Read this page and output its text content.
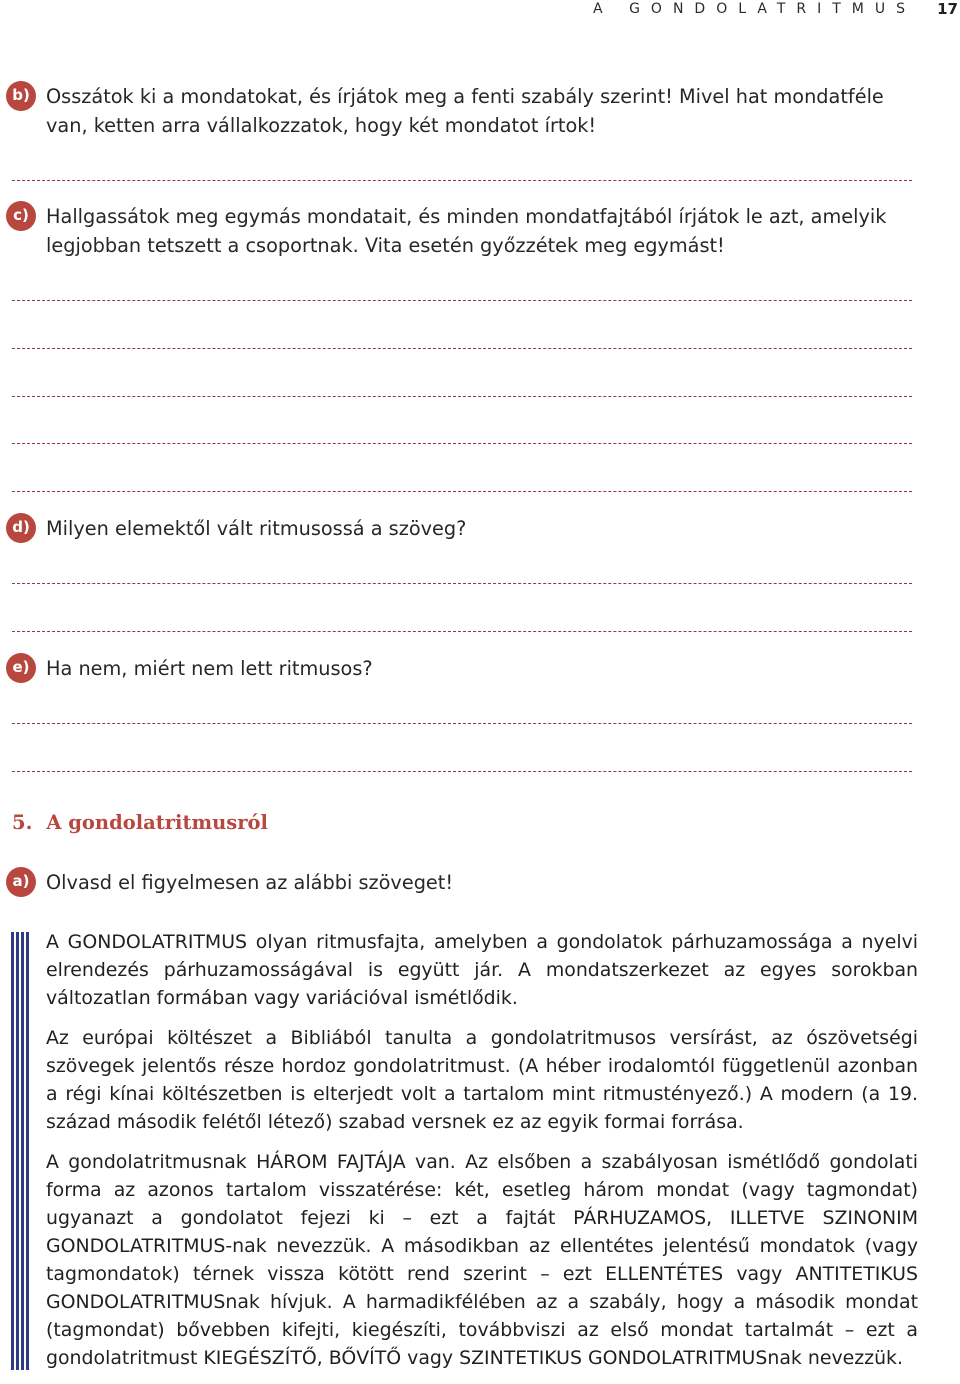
A GONDOLATRITMUS 17
b) Osszátok ki a mondatokat, és írjátok meg a fenti szabály szerint! Mivel hat mondatféle van, ketten arra vállalkozzatok, hogy két mondatot írtok!
c) Hallgassátok meg egymás mondatait, és minden mondatfajtából írjátok le azt, amelyik legjobban tetszett a csoportnak. Vita esetén győzzétek meg egymást!
d) Milyen elemektől vált ritmusossá a szöveg?
e) Ha nem, miért nem lett ritmusos?
5. A gondolatritmusról
a) Olvasd el figyelmesen az alábbi szöveget!

A GONDOLATRITMUS olyan ritmusfajta, amelyben a gondolatok párhuzamossága a nyelvi elrendezés párhuzamosságával is együtt jár. A mondatszerkezet az egyes sorokban változatlan formában vagy variációval ismétlődik.

Az európai költészet a Bibliából tanulta a gondolatritmusos versírást, az ószövetségi szövegek jelentős része hordoz gondolatritmust. (A héber irodalomtól függetlenül azonban a régi kínai költészetben is elterjedt volt a tartalom mint ritmustényező.) A modern (a 19. század második felétől létező) szabad versnek ez az egyik formai forrása.

A gondolatritmusnak HÁROM FAJTÁJA van. Az elsőben a szabályosan ismétlődő gondolati forma az azonos tartalom visszatérése: két, esetleg három mondat (vagy tagmondat) ugyanazt a gondolatot fejezi ki – ezt a fajtát PÁRHUZAMOS, ILLETVE SZINONIM GONDOLATRITMUS-nak nevezzük. A másodikban az ellentétes jelentésű mondatok (vagy tagmondatok) térnek vissza kötött rend szerint – ezt ELLENTÉTES vagy ANTITETIKUS GONDOLATRITMUSnak hívjuk. A harmadikfélében az a szabály, hogy a második mondat (tagmondat) bővebben kifejti, kiegészíti, továbbviszi az első mondat tartalmát – ezt a gondolatritmust KIEGÉSZÍTŐ, BŐVÍTŐ vagy SZINTETIKUS GONDOLATRITMUSnak nevezzük.
